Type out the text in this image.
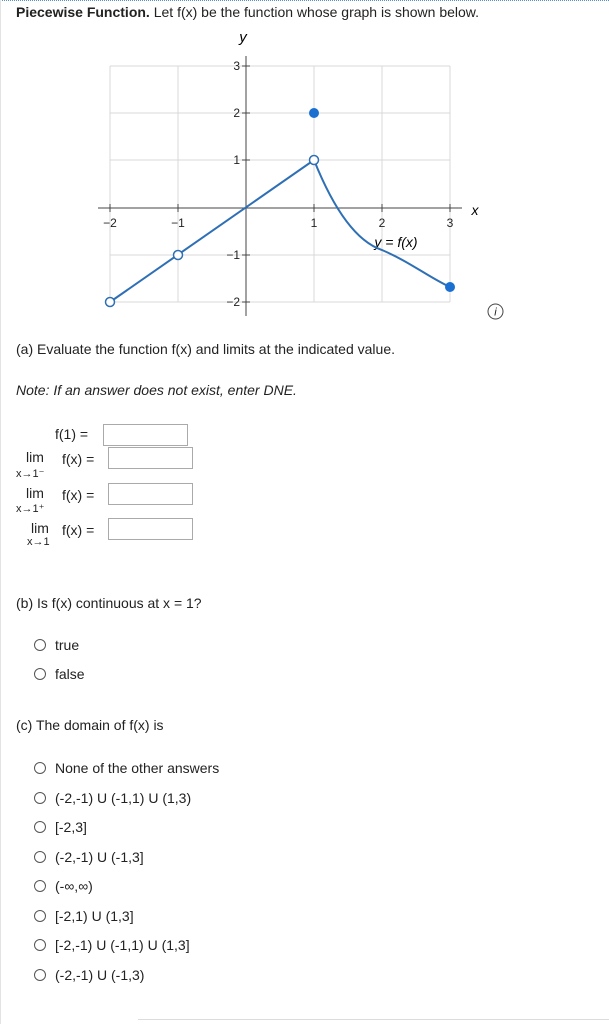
Piecewise Function. Let f(x) be the function whose graph is shown below.
−2	−1	1	2	3
3
2
1
−1
−2
y
x
y = f(x)
i
(a) Evaluate the function f(x) and limits at the indicated value.
Note: If an answer does not exist, enter DNE.
f(1) =
lim
x→1⁻
f(x) =
lim
x→1⁺
f(x) =
lim
x→1
f(x) =
(b) Is f(x) continuous at x = 1?
true
false
(c) The domain of f(x) is
None of the other answers
(-2,-1) U (-1,1) U (1,3)
[-2,3]
(-2,-1) U (-1,3]
(-∞,∞)
[-2,1) U (1,3]
[-2,-1) U (-1,1) U (1,3]
(-2,-1) U (-1,3)
